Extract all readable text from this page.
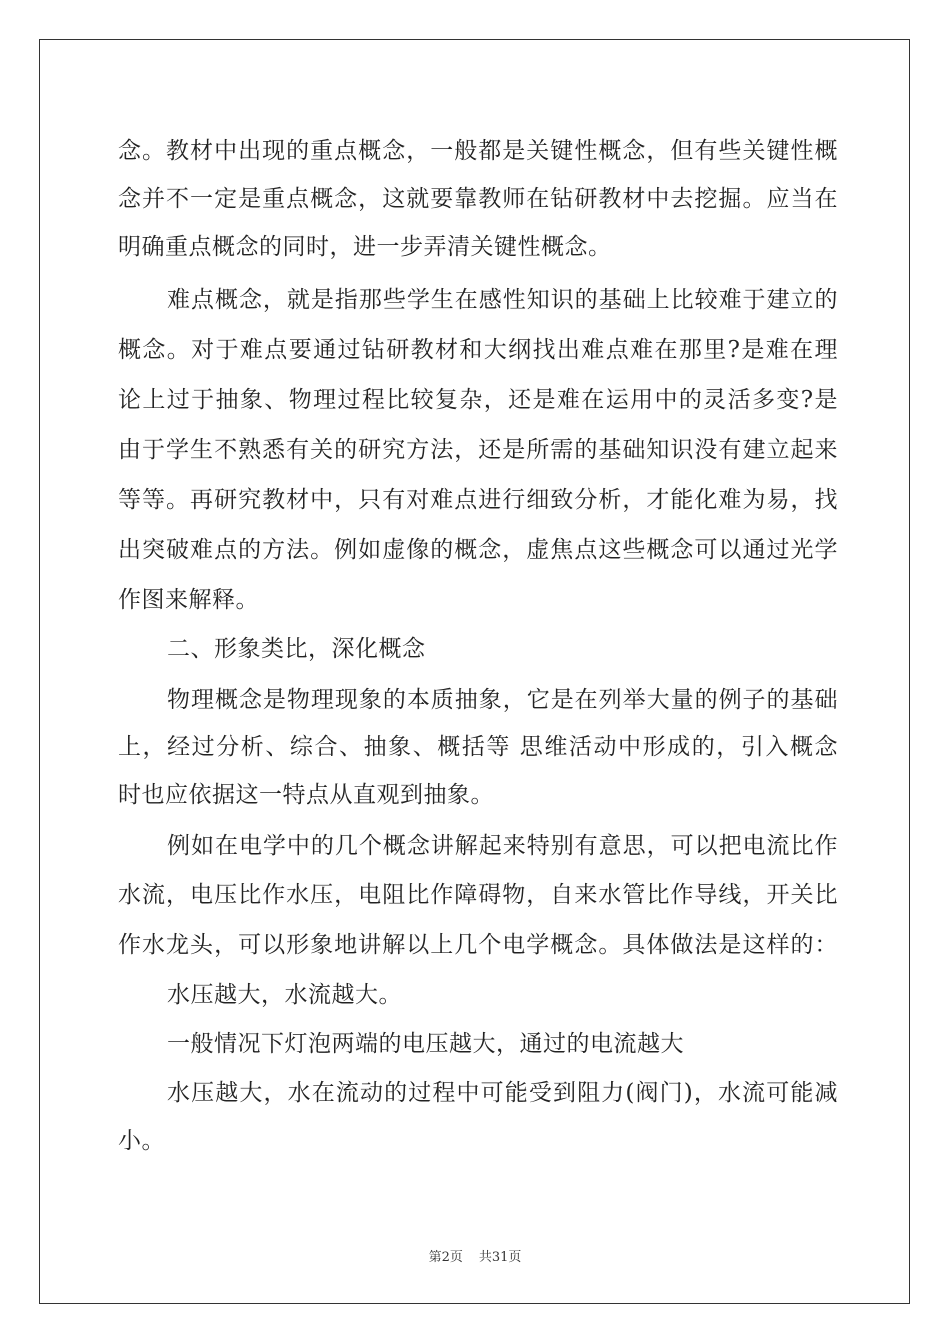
念。教材中出现的重点概念，一般都是关键性概念，但有些关键性概
念并不一定是重点概念，这就要靠教师在钻研教材中去挖掘。应当在
明确重点概念的同时，进一步弄清关键性概念。
难点概念，就是指那些学生在感性知识的基础上比较难于建立的
概念。对于难点要通过钻研教材和大纲找出难点难在那里?是难在理
论上过于抽象、物理过程比较复杂，还是难在运用中的灵活多变?是
由于学生不熟悉有关的研究方法，还是所需的基础知识没有建立起来
等等。再研究教材中，只有对难点进行细致分析，才能化难为易，找
出突破难点的方法。例如虚像的概念，虚焦点这些概念可以通过光学
作图来解释。
二、形象类比，深化概念
物理概念是物理现象的本质抽象，它是在列举大量的例子的基础
上，经过分析、综合、抽象、概括等 思维活动中形成的，引入概念
时也应依据这一特点从直观到抽象。
例如在电学中的几个概念讲解起来特别有意思，可以把电流比作
水流，电压比作水压，电阻比作障碍物，自来水管比作导线，开关比
作水龙头，可以形象地讲解以上几个电学概念。具体做法是这样的：
水压越大，水流越大。
一般情况下灯泡两端的电压越大，通过的电流越大
水压越大，水在流动的过程中可能受到阻力(阀门)，水流可能减
小。
第2页 共31页
